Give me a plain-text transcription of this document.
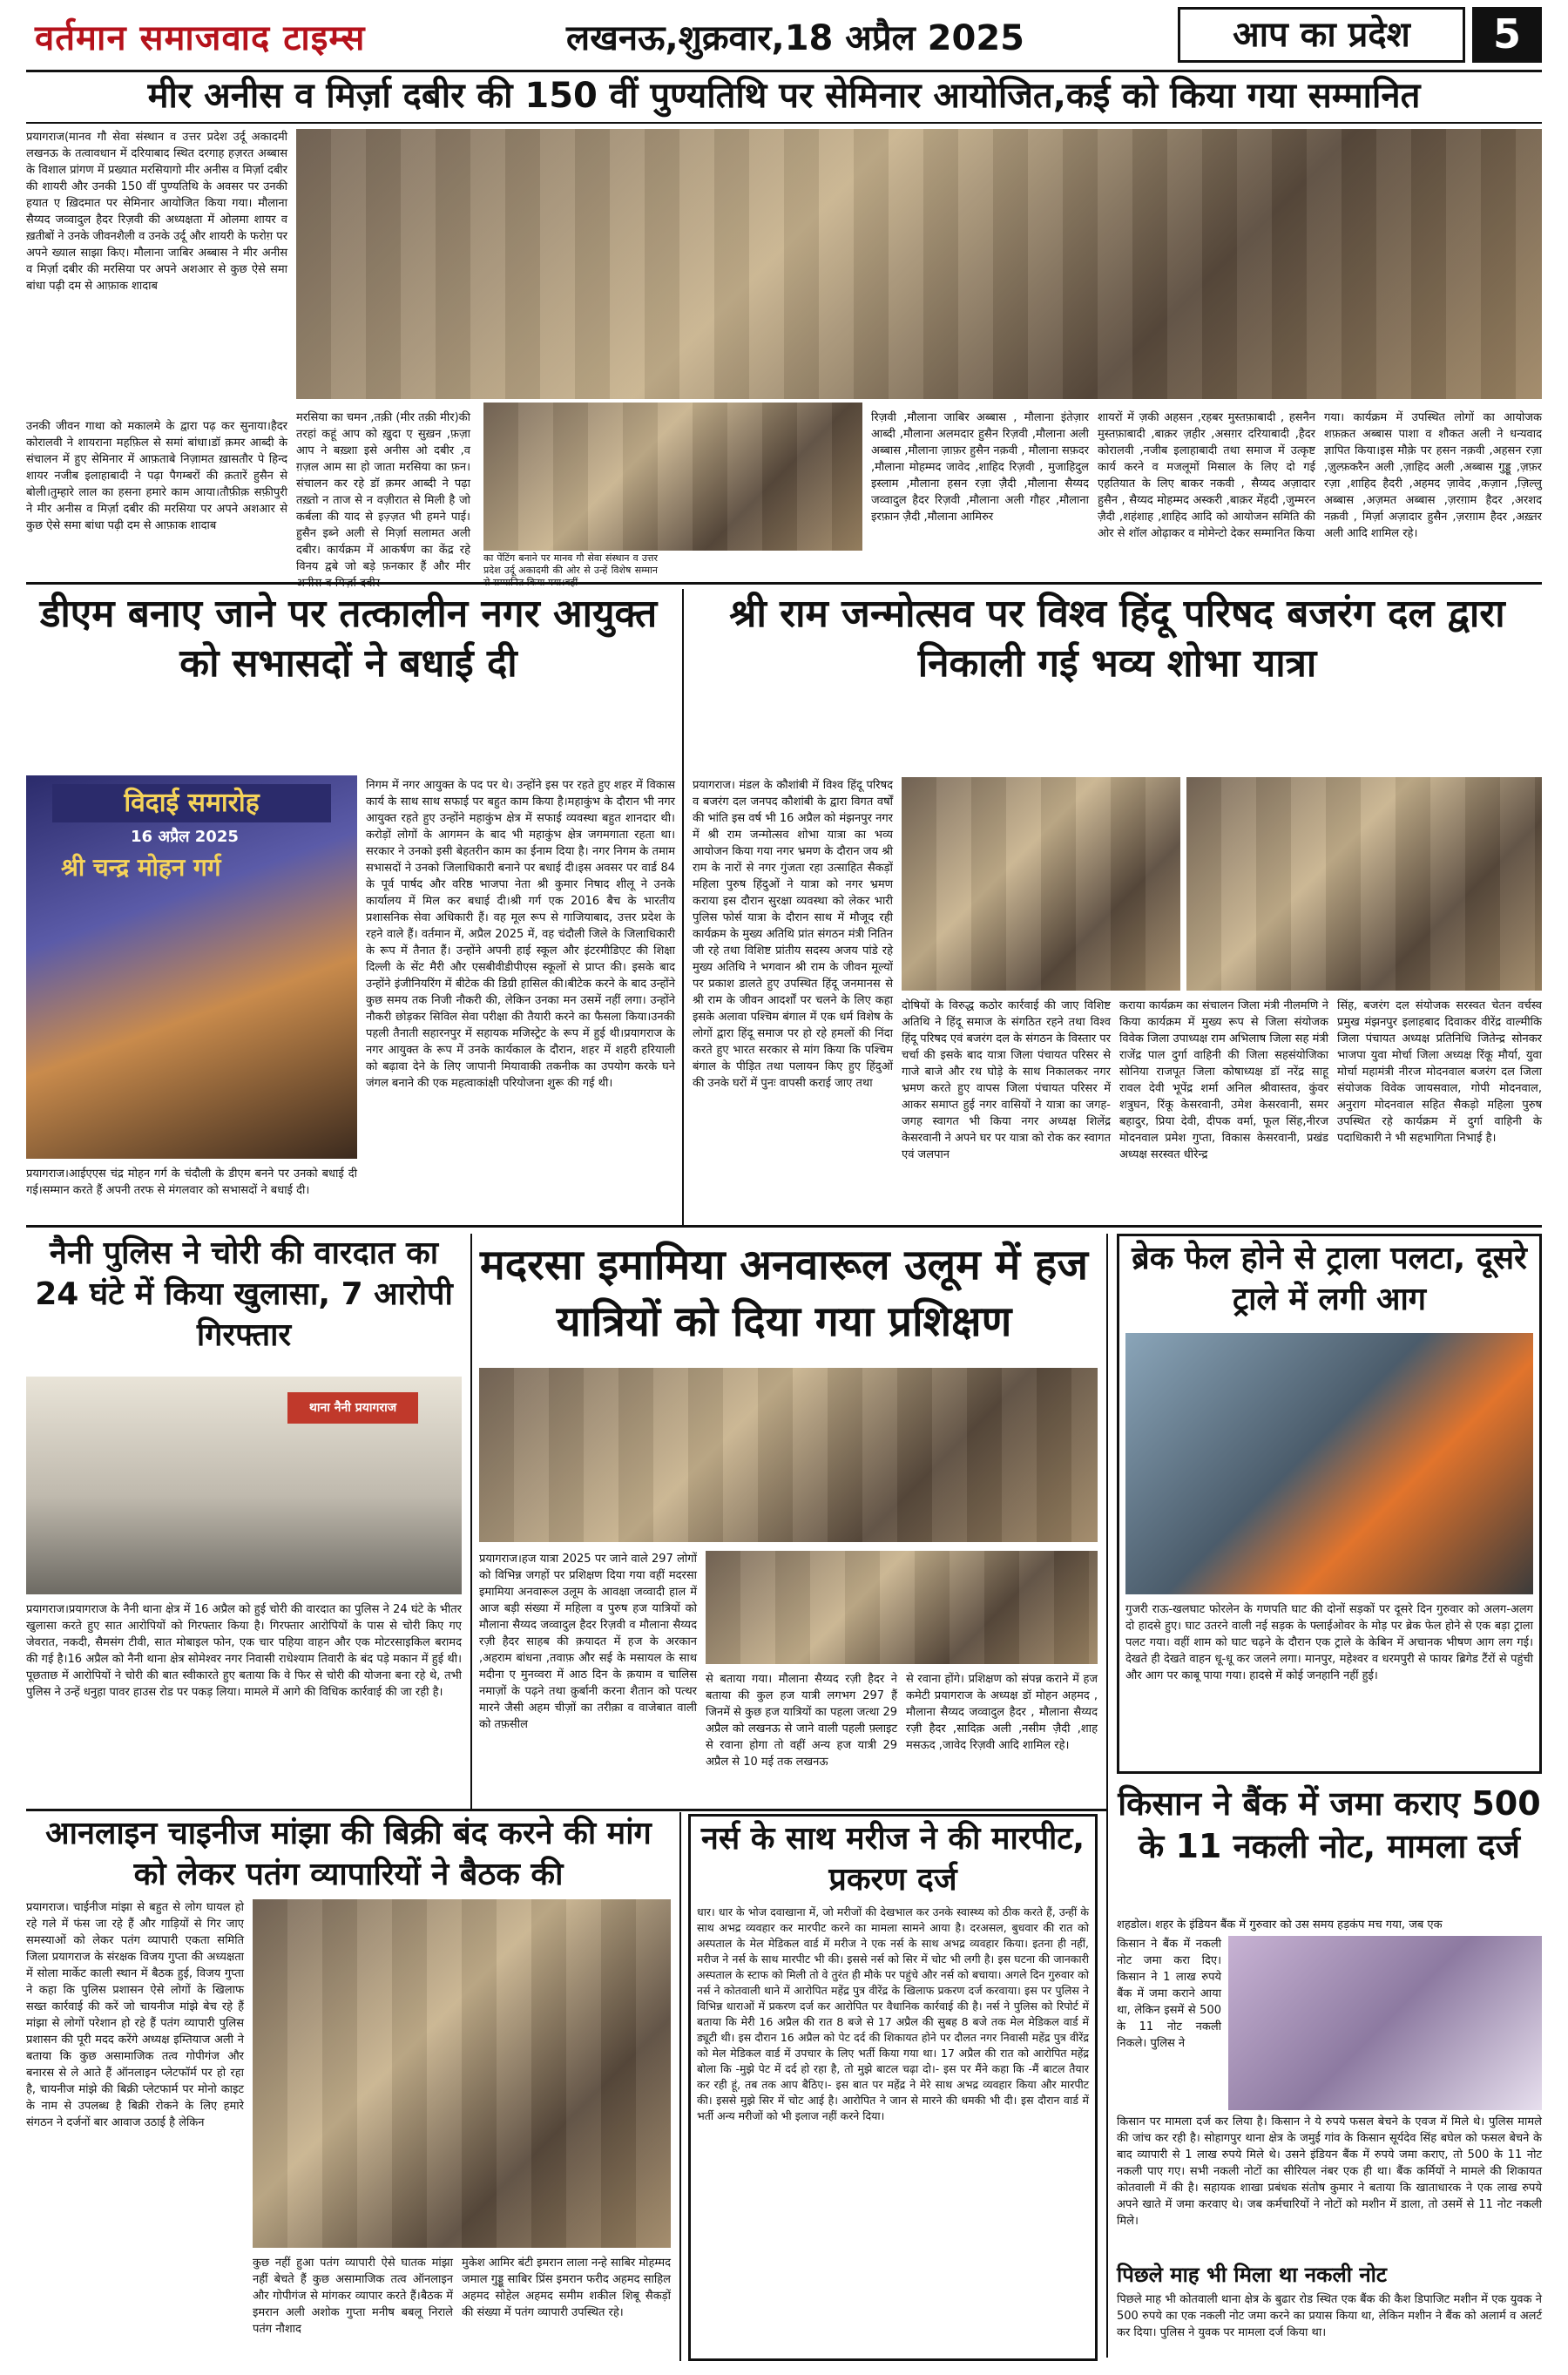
वर्तमान समाजवाद टाइम्स	लखनऊ,शुक्रवार,18 अप्रैल 2025	आप का प्रदेश	5
मीर अनीस व मिर्ज़ा दबीर की 150 वीं पुण्यतिथि पर सेमिनार आयोजित,कई को किया गया सम्मानित
प्रयागराज(मानव गौ सेवा संस्थान व उत्तर प्रदेश उर्दू अकादमी लखनऊ के तत्वावधान में दरियाबाद स्थित दरगाह हज़रत अब्बास के विशाल प्रांगण में प्रख्यात मरसियागो मीर अनीस व मिर्ज़ा दबीर की शायरी और उनकी 150 वीं पुण्यतिथि के अवसर पर उनकी हयात ए ख़िदमात पर सेमिनार आयोजित किया गया। मौलाना सैय्यद जव्वादुल हैदर रिज़वी की अध्यक्षता में ओलमा शायर व ख़तीबों ने उनके जीवनशैली व उनके उर्दू और शायरी के फरोग़ पर अपने ख्याल साझा किए। मौलाना जाबिर अब्बास ने मीर अनीस व मिर्ज़ा दबीर की मरसिया पर अपने अशआर से कुछ ऐसे समा बांधा पढ़ी दम से आफ़ाक शादाब
उनकी जीवन गाथा को मकालमे के द्वारा पढ़ कर सुनाया।हैदर कोरालवी ने शायराना महफ़िल से समां बांधा।डॉ क़मर आब्दी के संचालन में हुए सेमिनार में आफ़ताबे निज़ामत ख़ासतौर पे हिन्द शायर नजीब इलाहाबादी ने पढ़ा पैगम्बरों की क़तारें हुसैन से बोली।तुम्हारे लाल का हसना हमारे काम आया।तौफ़ीक़ सफ़ीपुरी ने मीर अनीस व मिर्ज़ा दबीर की मरसिया पर अपने अशआर से कुछ ऐसे समा बांधा पढ़ी दम से आफ़ाक शादाब
मरसिया का चमन ,तक़ी (मीर तक़ी मीर)की तरहां कहूं आप को ख़ुदा ए सुख़न ,फ़ज़ा आप ने बख़्शा इसे अनीस ओ दबीर ,व ग़ज़ल आम सा हो जाता मरसिया का फ़न।संचालन कर रहे डॉ क़मर आब्दी ने पढ़ा तख़्तो न ताज से न वज़ीरात से मिली है जो कर्बला की याद से इज़्ज़त भी हमने पाई।हुसैन इब्ने अली से मिर्ज़ा सलामत अली दबीर। कार्यक्रम में आकर्षण का केंद्र रहे विनय द्वबे जो बड़े फ़नकार हैं और मीर
का पेंटिंग बनाने पर मानव गौ सेवा संस्थान व उत्तर प्रदेश उर्दू अकादमी की ओर से उन्हें विशेष सम्मान
रिज़वी ,मौलाना जाबिर अब्बास , मौलाना इंतेज़ार आब्दी ,मौलाना अलमदार हुसैन रिज़वी ,मौलाना अली अब्बास ,मौलाना ज़ाफ़र हुसैन नक़वी , मौलाना सफ़दर ,मौलाना मोहम्मद जावेद ,शाहिद रिज़वी , मुजाहिदुल इस्लाम ,मौलाना हसन रज़ा ज़ैदी ,मौलाना सैय्यद जव्वादुल हैदर रिज़वी ,मौलाना अली गौहर ,मौलाना इरफ़ान ज़ैदी ,मौलाना आमिरुर
शायरों में ज़की अहसन ,रहबर मुस्तफ़ाबादी , हसनैन मुस्तफ़ाबादी ,बाक़र ज़हीर ,असग़र दरियाबादी ,हैदर कोरालवी ,नजीब इलाहाबादी तथा समाज में उत्कृष्ट कार्य करने व मजलूमों मिसाल के लिए दो गई एहतियात के लिए बाकर नकवी , सैय्यद अज़ादार हुसैन , सैय्यद मोहम्मद अस्करी ,बाक़र मेंहदी ,जुम्मरन ज़ैदी ,शहंशाह ,शाहिद आदि को आयोजन समिति की ओर से शॉल ओढ़ाकर व मोमेन्टो देकर सम्मानित किया
गया। कार्यक्रम में उपस्थित लोगों का आयोजक शफ़क़त अब्बास पाशा व शौकत अली ने धन्यवाद ज्ञापित किया।इस मौक़े पर हसन नक़वी ,अहसन रज़ा ,ज़ुल्फ़करैन अली ,ज़ाहिद अली ,अब्बास गुड्डू ,ज़फ़र रज़ा ,शाहिद हैदरी ,अहमद ज़ावेद ,कज़ान ,ज़िल्लु अब्बास ,अज़मत अब्बास ,ज़रग़ाम हैदर ,अरशद नक़वी , मिर्ज़ा अज़ादार हुसैन ,ज़रग़ाम हैदर ,अख़्तर अली आदि शामिल रहे।
डीएम बनाए जाने पर तत्कालीन नगर आयुक्त को सभासदों ने बधाई दी
विदाई समारोह
16 अप्रैल 2025
श्री चन्द्र मोहन गर्ग
प्रयागराज।आईएएस चंद्र मोहन गर्ग के चंदौली के डीएम बनने पर उनको बधाई दी गई।सम्मान करते हैं अपनी तरफ से मंगलवार को सभासदों ने बधाई दी।
निगम में नगर आयुक्त के पद पर थे। उन्होंने इस पर रहते हुए शहर में विकास कार्य के साथ साथ सफाई पर बहुत काम किया है।महाकुंभ के दौरान भी नगर आयुक्त रहते हुए उन्होंने महाकुंभ क्षेत्र में सफाई व्यवस्था बहुत शानदार थी। करोड़ों लोगों के आगमन के बाद भी महाकुंभ क्षेत्र जगमगाता रहता था। सरकार ने उनको इसी बेहतरीन काम का ईनाम दिया है। नगर निगम के तमाम सभासदों ने उनको जिलाधिकारी बनाने पर बधाई दी।इस अवसर पर वार्ड 84 के पूर्व पार्षद और वरिष्ठ भाजपा नेता श्री कुमार निषाद शीलू ने उनके कार्यालय में मिल कर बधाई दी।श्री गर्ग एक 2016 बैच के भारतीय प्रशासनिक सेवा अधिकारी हैं। वह मूल रूप से गाजियाबाद, उत्तर प्रदेश के रहने वाले हैं। वर्तमान में, अप्रैल 2025 में, वह चंदौली जिले के जिलाधिकारी के रूप में तैनात हैं। उन्होंने अपनी हाई स्कूल और इंटरमीडिएट की शिक्षा दिल्ली के सेंट मैरी और एसबीवीडीपीएस स्कूलों से प्राप्त की। इसके बाद उन्होंने इंजीनियरिंग में बीटेक की डिग्री हासिल की।बीटेक करने के बाद उन्होंने कुछ समय तक निजी नौकरी की, लेकिन उनका मन उसमें नहीं लगा। उन्होंने नौकरी छोड़कर सिविल सेवा परीक्षा की तैयारी करने का फैसला किया।उनकी पहली तैनाती सहारनपुर में सहायक मजिस्ट्रेट के रूप में हुई थी।प्रयागराज के नगर आयुक्त के रूप में उनके कार्यकाल के दौरान, शहर में शहरी हरियाली को बढ़ावा देने के लिए जापानी मियावाकी तकनीक का उपयोग करके घने जंगल बनाने की एक महत्वाकांक्षी परियोजना शुरू की गई थी।
श्री राम जन्मोत्सव पर विश्व हिंदू परिषद बजरंग दल द्वारा निकाली गई भव्य शोभा यात्रा
प्रयागराज। मंडल के कौशांबी में विश्व हिंदू परिषद व बजरंग दल जनपद कौशांबी के द्वारा विगत वर्षों की भांति इस वर्ष भी 16 अप्रैल को मंझनपुर नगर में श्री राम जन्मोत्सव शोभा यात्रा का भव्य आयोजन किया गया नगर भ्रमण के दौरान जय श्री राम के नारों से नगर गुंजता रहा उत्साहित सैकड़ों महिला पुरुष हिंदुओं ने यात्रा को नगर भ्रमण कराया इस दौरान सुरक्षा व्यवस्था को लेकर भारी पुलिस फोर्स यात्रा के दौरान साथ में मौजूद रही कार्यक्रम के मुख्य अतिथि प्रांत संगठन मंत्री नितिन जी रहे तथा विशिष्ट प्रांतीय सदस्य अजय पांडे रहे मुख्य अतिथि ने भगवान श्री राम के जीवन मूल्यों पर प्रकाश डालते हुए उपस्थित हिंदू जनमानस से श्री राम के जीवन आदर्शों पर चलने के लिए कहा इसके अलावा पश्चिम बंगाल में एक धर्म विशेष के लोगों द्वारा हिंदू समाज पर हो रहे हमलों की निंदा करते हुए भारत सरकार से मांग किया कि पश्चिम बंगाल के पीड़ित तथा पलायन किए हुए हिंदुओं की उनके घरों में पुनः वापसी कराई जाए तथा
दोषियों के विरुद्ध कठोर कार्रवाई की जाए विशिष्ट अतिथि ने हिंदू समाज के संगठित रहने तथा विश्व हिंदू परिषद एवं बजरंग दल के संगठन के विस्तार पर चर्चा की इसके बाद यात्रा जिला पंचायत परिसर से गाजे बाजे और रथ घोड़े के साथ निकालकर नगर भ्रमण करते हुए वापस जिला पंचायत परिसर में आकर समाप्त हुई नगर वासियों ने यात्रा का जगह-जगह स्वागत भी किया नगर अध्यक्ष शिलेंद्र केसरवानी ने अपने घर पर यात्रा को रोक कर स्वागत एवं जलपान
कराया कार्यक्रम का संचालन जिला मंत्री नीलमणि ने किया कार्यक्रम में मुख्य रूप से जिला संयोजक विवेक जिला उपाध्यक्ष राम अभिलाष जिला सह मंत्री राजेंद्र पाल दुर्गा वाहिनी की जिला सहसंयोजिका सोनिया राजपूत जिला कोषाध्यक्ष डॉ नरेंद्र साहू रावल देवी भूपेंद्र शर्मा अनिल श्रीवास्तव, कुंवर शत्रुघन, रिंकू केसरवानी, उमेश केसरवानी, समर बहादुर, प्रिया देवी, दीपक वर्मा, फूल सिंह,नीरज मोदनवाल प्रमेश गुप्ता, विकास केसरवानी, प्रखंड अध्यक्ष सरस्वत धीरेन्द्र
सिंह, बजरंग दल संयोजक सरस्वत चेतन वर्चस्व प्रमुख मंझनपुर इलाहबाद दिवाकर वीरेंद्र वाल्मीकि जिला पंचायत अध्यक्ष प्रतिनिधि जितेन्द्र सोनकर भाजपा युवा मोर्चा जिला अध्यक्ष रिंकू मौर्या, युवा मोर्चा महामंत्री नीरज मोदनवाल बजरंग दल जिला संयोजक विवेक जायसवाल, गोपी मोदनवाल, अनुराग मोदनवाल सहित सैकड़ो महिला पुरुष उपस्थित रहे कार्यक्रम में दुर्गा वाहिनी के पदाधिकारी ने भी सहभागिता निभाई है।
नैनी पुलिस ने चोरी की वारदात का 24 घंटे में किया खुलासा, 7 आरोपी गिरफ्तार
थाना नैनी प्रयागराज
प्रयागराज।प्रयागराज के नैनी थाना क्षेत्र में 16 अप्रैल को हुई चोरी की वारदात का पुलिस ने 24 घंटे के भीतर खुलासा करते हुए सात आरोपियों को गिरफ्तार किया है। गिरफ्तार आरोपियों के पास से चोरी किए गए जेवरात, नकदी, सैमसंग टीवी, सात मोबाइल फोन, एक चार पहिया वाहन और एक मोटरसाइकिल बरामद की गई है।16 अप्रैल को नैनी थाना क्षेत्र सोमेश्वर नगर निवासी राधेश्याम तिवारी के बंद पड़े मकान में हुई थी। पूछताछ में आरोपियों ने चोरी की बात स्वीकारते हुए बताया कि वे फिर से चोरी की योजना बना रहे थे, तभी पुलिस ने उन्हें धनुहा पावर हाउस रोड पर पकड़ लिया। मामले में आगे की विधिक कार्रवाई की जा रही है।
मदरसा इमामिया अनवारूल उलूम में हज यात्रियों को दिया गया प्रशिक्षण
प्रयागराज।हज यात्रा 2025 पर जाने वाले 297 लोगों को विभिन्न जगहों पर प्रशिक्षण दिया गया वहीं मदरसा इमामिया अनवारूल उलूम के आवक्षा जव्वादी हाल में आज बड़ी संख्या में महिला व पुरुष हज यात्रियों को मौलाना सैय्यद जव्वादुल हैदर रिज़वी व मौलाना सैय्यद रज़ी हैदर साहब की क़यादत में हज के अरकान ,अहराम बांधना ,तवाफ़ और सई के मसायल के साथ मदीना ए मुनव्वरा में आठ दिन के क़याम व चालिस नमाज़ों के पढ़ने तथा क़ुर्बानी करना शैतान को पत्थर मारने जैसी अहम चीज़ों का तरीक़ा व वाजेबात वाली को तफ़सील
से बताया गया। मौलाना सैय्यद रज़ी हैदर ने बताया की कुल हज यात्री लगभग 297 हैं जिनमें से कुछ हज यात्रियों का पहला जत्था 29 अप्रैल को लखनऊ से जाने वाली पहली फ़्लाइट से रवाना होगा तो वहीं अन्य हज यात्री 29 अप्रैल से 10 मई तक लखनऊ
से रवाना होंगे। प्रशिक्षण को संपन्न कराने में हज कमेटी प्रयागराज के अध्यक्ष डॉ मोहन अहमद , मौलाना सैय्यद जव्वादुल हैदर , मौलाना सैय्यद रज़ी हैदर ,सादिक़ अली ,नसीम ज़ैदी ,शाह मसऊद ,जावेद रिज़वी आदि शामिल रहे।
ब्रेक फेल होने से ट्राला पलटा, दूसरे ट्राले में लगी आग
गुजरी राऊ-खलघाट फोरलेन के गणपति घाट की दोनों सड़कों पर दूसरे दिन गुरुवार को अलग-अलग दो हादसे हुए। घाट उतरने वाली नई सड़क के फ्लाईओवर के मोड़ पर ब्रेक फेल होने से एक बड़ा ट्राला पलट गया। वहीं शाम को घाट चढ़ने के दौरान एक ट्राले के केबिन में अचानक भीषण आग लग गई। देखते ही देखते वाहन धू-धू कर जलने लगा। मानपुर, महेश्वर व धरमपुरी से फायर ब्रिगेड टैंरों से पहुंची और आग पर काबू पाया गया। हादसे में कोई जनहानि नहीं हुई।
किसान ने बैंक में जमा कराए 500 के 11 नकली नोट, मामला दर्ज
शहडोल। शहर के इंडियन बैंक में गुरुवार को उस समय हड़कंप मच गया, जब एक
किसान ने बैंक में नकली नोट जमा करा दिए। किसान ने 1 लाख रुपये बैंक में जमा कराने आया था, लेकिन इसमें से 500 के 11 नोट नकली निकले। पुलिस ने
किसान पर मामला दर्ज कर लिया है। किसान ने ये रुपये फसल बेचने के एवज में मिले थे। पुलिस मामले की जांच कर रही है। सोहागपुर थाना क्षेत्र के जमुई गांव के किसान सूर्यदेव सिंह बघेल को फसल बेचने के बाद व्यापारी से 1 लाख रुपये मिले थे। उसने इंडियन बैंक में रुपये जमा कराए, तो 500 के 11 नोट नकली पाए गए। सभी नकली नोटों का सीरियल नंबर एक ही था। बैंक कर्मियों ने मामले की शिकायत कोतवाली में की है। सहायक शाखा प्रबंधक संतोष कुमार ने बताया कि खाताधारक ने एक लाख रुपये अपने खाते में जमा करवाए थे। जब कर्मचारियों ने नोटों को मशीन में डाला, तो उसमें से 11 नोट नकली मिले।
पिछले माह भी मिला था नकली नोट
पिछले माह भी कोतवाली थाना क्षेत्र के बुढार रोड स्थित एक बैंक की कैश डिपाजिट मशीन में एक युवक ने 500 रुपये का एक नकली नोट जमा करने का प्रयास किया था, लेकिन मशीन ने बैंक को अलार्म व अलर्ट कर दिया। पुलिस ने युवक पर मामला दर्ज किया था।
आनलाइन चाइनीज मांझा की बिक्री बंद करने की मांग को लेकर पतंग व्यापारियों ने बैठक की
प्रयागराज। चाईनीज मांझा से बहुत से लोग घायल हो रहे गले में फंस जा रहे हैं और गाड़ियों से गिर जाए समस्याओं को लेकर पतंग व्यापारी एकता समिति जिला प्रयागराज के संरक्षक विजय गुप्ता की अध्यक्षता में सोला मार्केट काली स्थान में बैठक हुई, विजय गुप्ता ने कहा कि पुलिस प्रशासन ऐसे लोगों के खिलाफ सख्त कार्रवाई की करें जो चायनीज मांझे बेच रहे हैं मांझा से लोगों परेशान हो रहे हैं पतंग व्यापारी पुलिस प्रशासन की पूरी मदद करेंगे अध्यक्ष इम्तियाज अली ने बताया कि कुछ असामाजिक तत्व गोपीगंज और बनारस से ले आते हैं ऑनलाइन प्लेटफॉर्म पर हो रहा है, चायनीज मांझे की बिक्री प्लेटफार्म पर मोनो काइट के नाम से उपलब्ध है बिक्री रोकने के लिए हमारे संगठन ने दर्जनों बार आवाज उठाई है लेकिन
कुछ नहीं हुआ पतंग व्यापारी ऐसे घातक मांझा नहीं बेचते हैं कुछ असामाजिक तत्व ऑनलाइन और गोपीगंज से मांगकर व्यापार करते हैं।बैठक में इमरान अली अशोक गुप्ता मनीष बबलू निराले पतंग नौशाद
मुकेश आमिर बंटी इमरान लाला नन्हे साबिर मोहम्मद जमाल गुड्डू साबिर प्रिंस इमरान फरीद अहमद साहिल अहमद सोहेल अहमद समीम शकील शिबू सैकड़ों की संख्या में पतंग व्यापारी उपस्थित रहे।
नर्स के साथ मरीज ने की मारपीट, प्रकरण दर्ज
धार। धार के भोज दवाखाना में, जो मरीजों की देखभाल कर उनके स्वास्थ्य को ठीक करते हैं, उन्हीं के साथ अभद्र व्यवहार कर मारपीट करने का मामला सामने आया है। दरअसल, बुधवार की रात को अस्पताल के मेल मेडिकल वार्ड में मरीज ने एक नर्स के साथ अभद्र व्यवहार किया। इतना ही नहीं, मरीज ने नर्स के साथ मारपीट भी की। इससे नर्स को सिर में चोट भी लगी है। इस घटना की जानकारी अस्पताल के स्टाफ को मिली तो वे तुरंत ही मौके पर पहुंचे और नर्स को बचाया। अगले दिन गुरुवार को नर्स ने कोतवाली थाने में आरोपित महेंद्र पुत्र वीरेंद्र के खिलाफ प्रकरण दर्ज करवाया। इस पर पुलिस ने विभिन्न धाराओं में प्रकरण दर्ज कर आरोपित पर वैधानिक कार्रवाई की है। नर्स ने पुलिस को रिपोर्ट में बताया कि मेरी 16 अप्रैल की रात 8 बजे से 17 अप्रैल की सुबह 8 बजे तक मेल मेडिकल वार्ड में ड्यूटी थी। इस दौरान 16 अप्रैल को पेट दर्द की शिकायत होने पर दौलत नगर निवासी महेंद्र पुत्र वीरेंद्र को मेल मेडिकल वार्ड में उपचार के लिए भर्ती किया गया था। 17 अप्रैल की रात को आरोपित महेंद्र बोला कि -मुझे पेट में दर्द हो रहा है, तो मुझे बाटल चढ़ा दो।- इस पर मैंने कहा कि -मैं बाटल तैयार कर रही हूं, तब तक आप बैठिए।- इस बात पर महेंद्र ने मेरे साथ अभद्र व्यवहार किया और मारपीट की। इससे मुझे सिर में चोट आई है। आरोपित ने जान से मारने की धमकी भी दी। इस दौरान वार्ड में भर्ती अन्य मरीजों को भी इलाज नहीं करने दिया।
